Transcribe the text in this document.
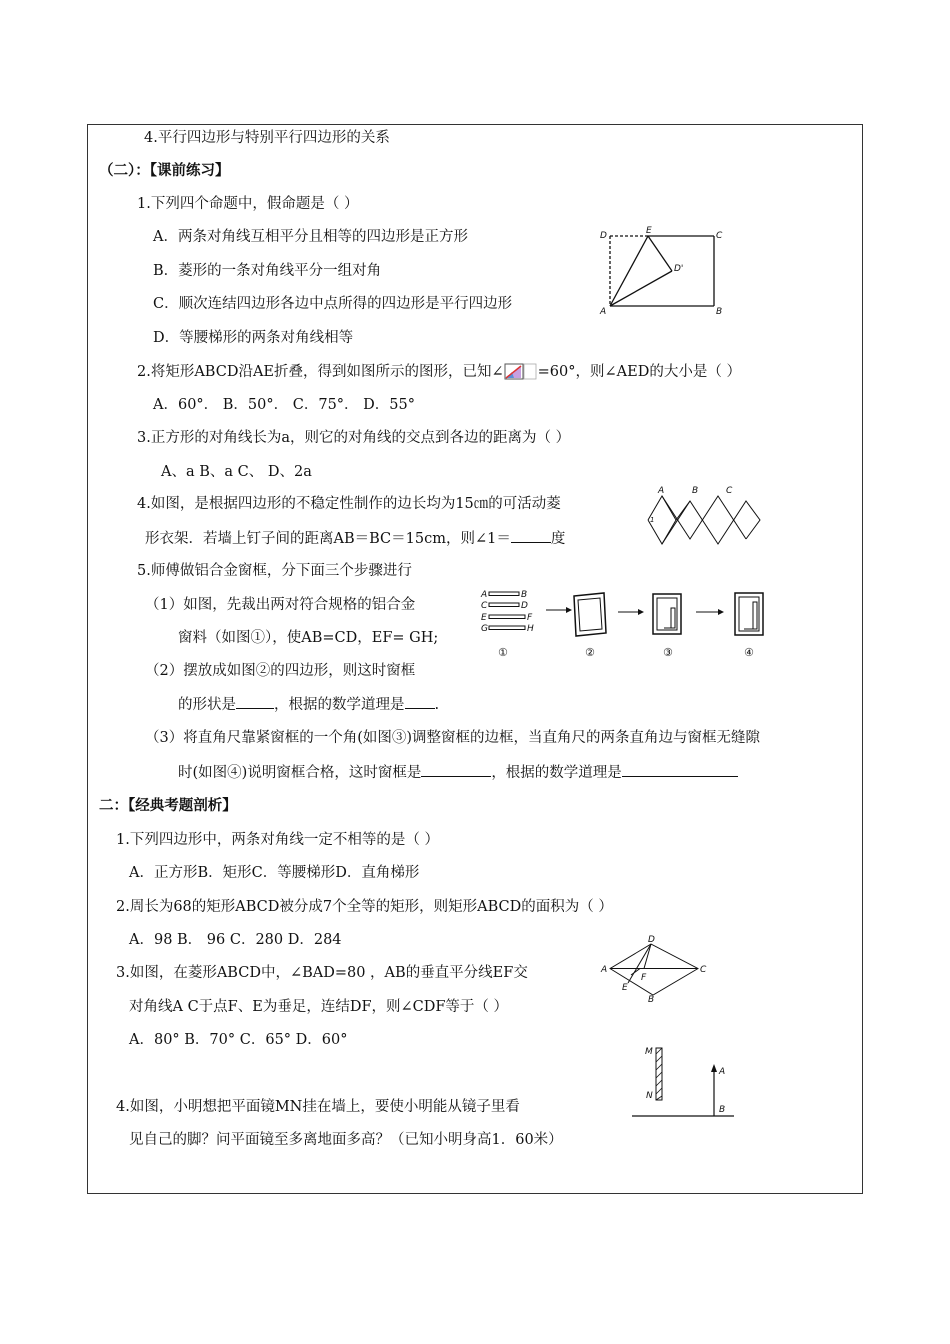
4.平行四边形与特别平行四边形的关系
（二）：【课前练习】
1.下列四个命题中，假命题是（ ）
A．两条对角线互相平分且相等的四边形是正方形
B．菱形的一条对角线平分一组对角
C．顺次连结四边形各边中点所得的四边形是平行四边形
D．等腰梯形的两条对角线相等
D	E	C
D'
A	B
2.将矩形ABCD沿AE折叠，得到如图所示的图形，已知∠ =60°，则∠AED的大小是（ ）
A．60°． B．50°． C．75°． D．55°
3.正方形的对角线长为a，则它的对角线的交点到各边的距离为（ ）
A、a B、a C、 D、2a
4.如图，是根据四边形的不稳定性制作的边长均为15㎝的可活动菱
形衣架．若墙上钉子间的距离AB＝BC＝15cm，则∠1＝	度
A	B	C
1
5.师傅做铝合金窗框，分下面三个步骤进行
（1）如图，先裁出两对符合规格的铝合金
窗料（如图①），使AB=CD，EF= GH;
（2）摆放成如图②的四边形，则这时窗框
的形状是	，根据的数学道理是 .
（3）将直角尺靠紧窗框的一个角(如图③)调整窗框的边框，当直角尺的两条直角边与窗框无缝隙
时(如图④)说明窗框合格，这时窗框是	，根据的数学道理是
A	B
C	D
E	F
G	H
①	②	③	④
二：【经典考题剖析】
1.下列四边形中，两条对角线一定不相等的是（ ）
A．正方形B．矩形C．等腰梯形D．直角梯形
2.周长为68的矩形ABCD被分成7个全等的矩形，则矩形ABCD的面积为（ ）
A．98 B． 96 C．280 D．284
3.如图，在菱形ABCD中，∠BAD=80 ，AB的垂直平分线EF交
对角线A C于点F、E为垂足，连结DF，则∠CDF等于（ ）
A．80° B．70° C．65° D．60°
D
A
F
C
E
B
4.如图，小明想把平面镜MN挂在墙上，要使小明能从镜子里看
见自己的脚？问平面镜至多离地面多高？（已知小明身高1．60米）
M
N
A
B
